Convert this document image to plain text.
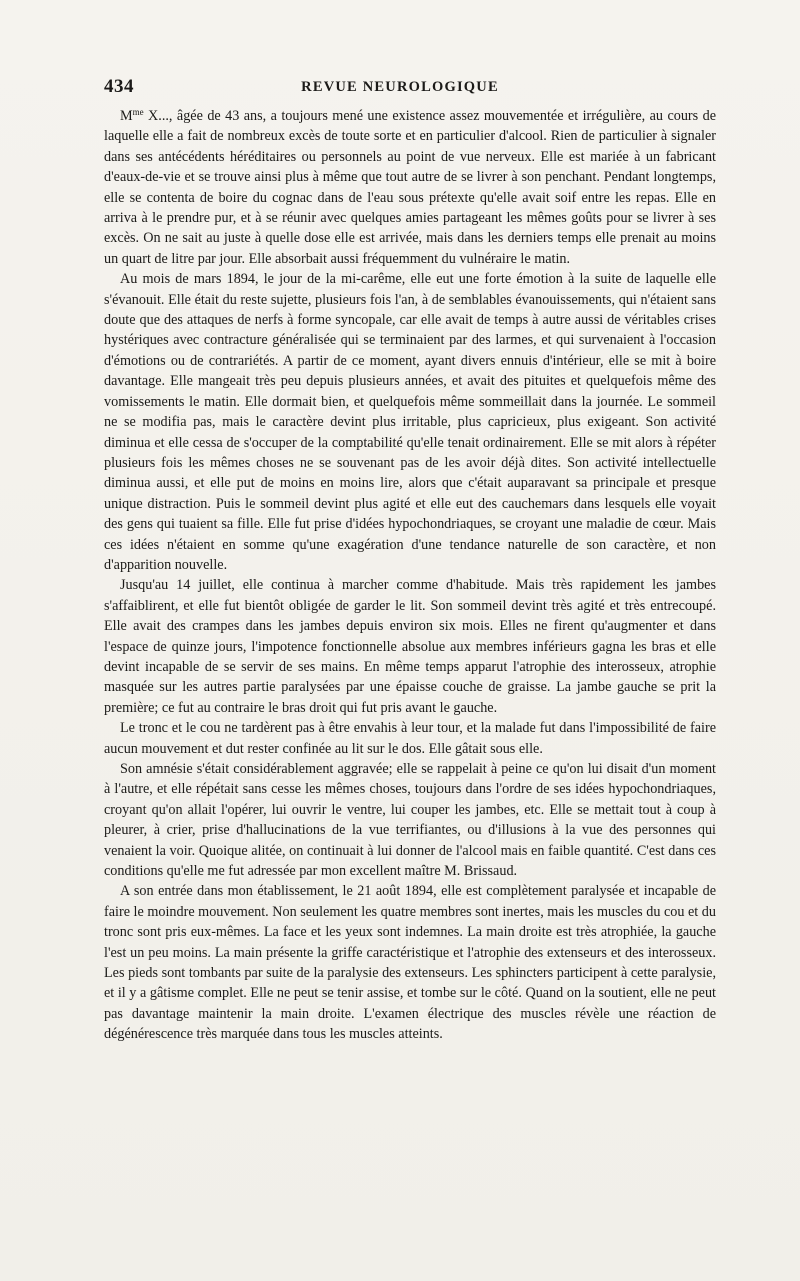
434	REVUE NEUROLOGIQUE

$M^{me}$ X..., âgée de 43 ans, a toujours mené une existence assez mouvementée et irrégulière, au cours de laquelle elle a fait de nombreux excès de toute sorte et en particulier d'alcool. Rien de particulier à signaler dans ses antécédents héréditaires ou personnels au point de vue nerveux. Elle est mariée à un fabricant d'eaux-de-vie et se trouve ainsi plus à même que tout autre de se livrer à son penchant. Pendant longtemps, elle se contenta de boire du cognac dans de l'eau sous prétexte qu'elle avait soif entre les repas. Elle en arriva à le prendre pur, et à se réunir avec quelques amies partageant les mêmes goûts pour se livrer à ses excès. On ne sait au juste à quelle dose elle est arrivée, mais dans les derniers temps elle prenait au moins un quart de litre par jour. Elle absorbait aussi fréquemment du vulnéraire le matin.

Au mois de mars 1894, le jour de la mi-carême, elle eut une forte émotion à la suite de laquelle elle s'évanouit. Elle était du reste sujette, plusieurs fois l'an, à de semblables évanouissements, qui n'étaient sans doute que des attaques de nerfs à forme syncopale, car elle avait de temps à autre aussi de véritables crises hystériques avec contracture généralisée qui se terminaient par des larmes, et qui survenaient à l'occasion d'émotions ou de contrariétés. A partir de ce moment, ayant divers ennuis d'intérieur, elle se mit à boire davantage. Elle mangeait très peu depuis plusieurs années, et avait des pituites et quelquefois même des vomissements le matin. Elle dormait bien, et quelquefois même sommeillait dans la journée. Le sommeil ne se modifia pas, mais le caractère devint plus irritable, plus capricieux, plus exigeant. Son activité diminua et elle cessa de s'occuper de la comptabilité qu'elle tenait ordinairement. Elle se mit alors à répéter plusieurs fois les mêmes choses ne se souvenant pas de les avoir déjà dites. Son activité intellectuelle diminua aussi, et elle put de moins en moins lire, alors que c'était auparavant sa principale et presque unique distraction. Puis le sommeil devint plus agité et elle eut des cauchemars dans lesquels elle voyait des gens qui tuaient sa fille. Elle fut prise d'idées hypochondriaques, se croyant une maladie de cœur. Mais ces idées n'étaient en somme qu'une exagération d'une tendance naturelle de son caractère, et non d'apparition nouvelle.

Jusqu'au 14 juillet, elle continua à marcher comme d'habitude. Mais très rapidement les jambes s'affaiblirent, et elle fut bientôt obligée de garder le lit. Son sommeil devint très agité et très entrecoupé. Elle avait des crampes dans les jambes depuis environ six mois. Elles ne firent qu'augmenter et dans l'espace de quinze jours, l'impotence fonctionnelle absolue aux membres inférieurs gagna les bras et elle devint incapable de se servir de ses mains. En même temps apparut l'atrophie des interosseux, atrophie masquée sur les autres partie paralysées par une épaisse couche de graisse. La jambe gauche se prit la première; ce fut au contraire le bras droit qui fut pris avant le gauche.

Le tronc et le cou ne tardèrent pas à être envahis à leur tour, et la malade fut dans l'impossibilité de faire aucun mouvement et dut rester confinée au lit sur le dos. Elle gâtait sous elle.

Son amnésie s'était considérablement aggravée; elle se rappelait à peine ce qu'on lui disait d'un moment à l'autre, et elle répétait sans cesse les mêmes choses, toujours dans l'ordre de ses idées hypochondriaques, croyant qu'on allait l'opérer, lui ouvrir le ventre, lui couper les jambes, etc. Elle se mettait tout à coup à pleurer, à crier, prise d'hallucinations de la vue terrifiantes, ou d'illusions à la vue des personnes qui venaient la voir. Quoique alitée, on continuait à lui donner de l'alcool mais en faible quantité. C'est dans ces conditions qu'elle me fut adressée par mon excellent maître M. Brissaud.

A son entrée dans mon établissement, le 21 août 1894, elle est complètement paralysée et incapable de faire le moindre mouvement. Non seulement les quatre membres sont inertes, mais les muscles du cou et du tronc sont pris eux-mêmes. La face et les yeux sont indemnes. La main droite est très atrophiée, la gauche l'est un peu moins. La main présente la griffe caractéristique et l'atrophie des extenseurs et des interosseux. Les pieds sont tombants par suite de la paralysie des extenseurs. Les sphincters participent à cette paralysie, et il y a gâtisme complet. Elle ne peut se tenir assise, et tombe sur le côté. Quand on la soutient, elle ne peut pas davantage maintenir la main droite. L'examen électrique des muscles révèle une réaction de dégénérescence très marquée dans tous les muscles atteints.
